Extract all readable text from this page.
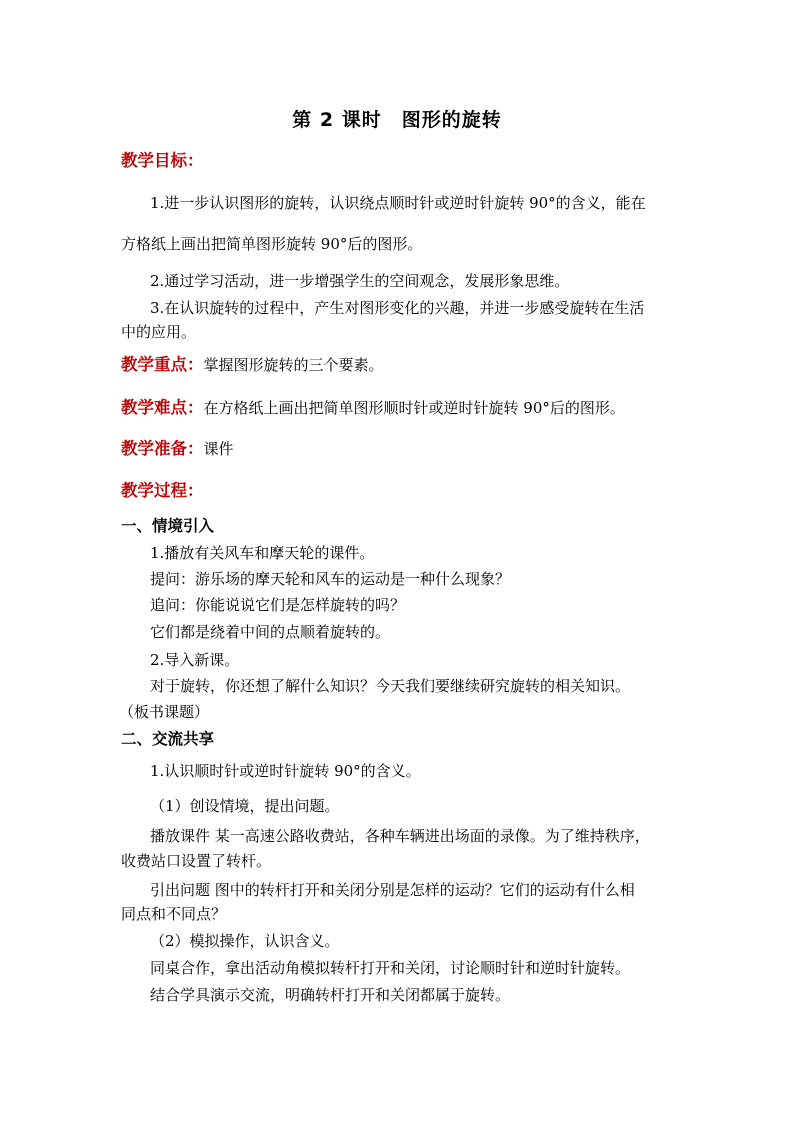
第 2 课时　图形的旋转
教学目标：
1.进一步认识图形的旋转，认识绕点顺时针或逆时针旋转 90°的含义，能在
方格纸上画出把简单图形旋转 90°后的图形。
2.通过学习活动，进一步增强学生的空间观念，发展形象思维。
3.在认识旋转的过程中，产生对图形变化的兴趣，并进一步感受旋转在生活
中的应用。
教学重点：掌握图形旋转的三个要素。
教学难点：在方格纸上画出把简单图形顺时针或逆时针旋转 90°后的图形。
教学准备：课件
教学过程：
一、情境引入
1.播放有关风车和摩天轮的课件。
提问：游乐场的摩天轮和风车的运动是一种什么现象？
追问：你能说说它们是怎样旋转的吗？
它们都是绕着中间的点顺着旋转的。
2.导入新课。
对于旋转，你还想了解什么知识？今天我们要继续研究旋转的相关知识。
（板书课题）
二、交流共享
1.认识顺时针或逆时针旋转 90°的含义。
（1）创设情境，提出问题。
播放课件 某一高速公路收费站，各种车辆进出场面的录像。为了维持秩序，
收费站口设置了转杆。
引出问题 图中的转杆打开和关闭分别是怎样的运动？它们的运动有什么相
同点和不同点？
（2）模拟操作，认识含义。
同桌合作，拿出活动角模拟转杆打开和关闭，讨论顺时针和逆时针旋转。
结合学具演示交流，明确转杆打开和关闭都属于旋转。
